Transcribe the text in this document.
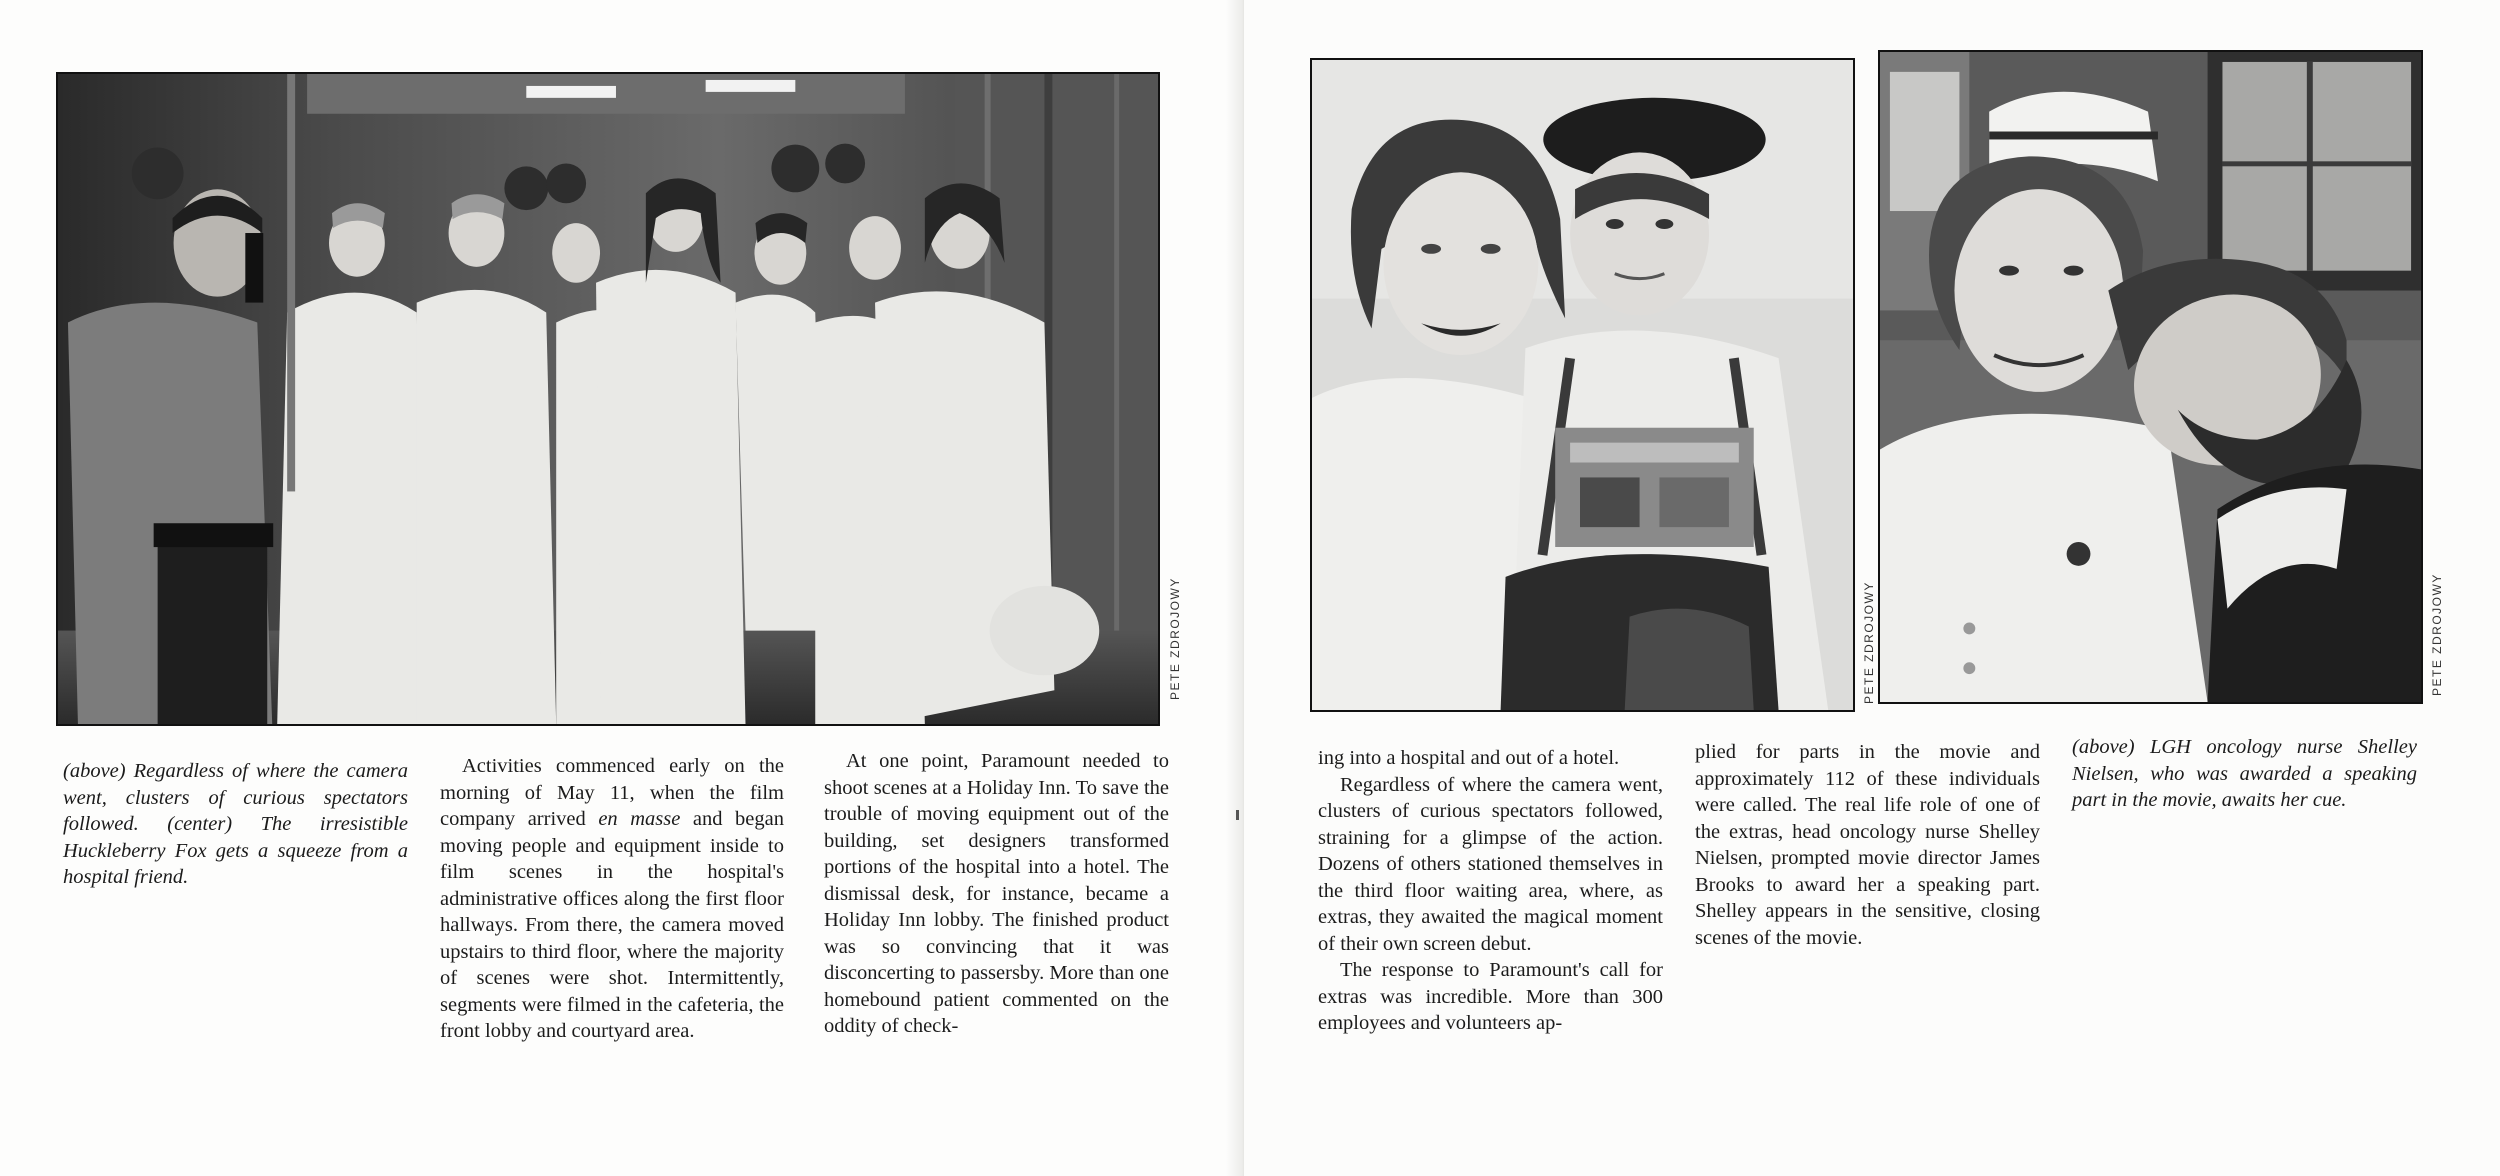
PETE ZDROJOWY
(above) Regardless of where the camera went, clusters of curious spectators followed. (center) The irresistible Huckleberry Fox gets a squeeze from a hospital friend.

Activities commenced early on the morning of May 11, when the film company arrived en masse and began moving people and equipment inside to film scenes in the hospital's administrative offices along the first floor hallways. From there, the camera moved upstairs to third floor, where the majority of scenes were shot. Intermittently, segments were filmed in the cafeteria, the front lobby and courtyard area.

At one point, Paramount needed to shoot scenes at a Holiday Inn. To save the trouble of moving equipment out of the building, set designers transformed portions of the hospital into a hotel. The dismissal desk, for instance, became a Holiday Inn lobby. The finished product was so convincing that it was disconcerting to passersby. More than one homebound patient commented on the oddity of check-

PETE ZDROJOWY	PETE ZDROJOWY

ing into a hospital and out of a hotel.

Regardless of where the camera went, clusters of curious spectators followed, straining for a glimpse of the action. Dozens of others stationed themselves in the third floor waiting area, where, as extras, they awaited the magical moment of their own screen debut.

The response to Paramount's call for extras was incredible. More than 300 employees and volunteers ap-

plied for parts in the movie and approximately 112 of these individuals were called. The real life role of one of the extras, head oncology nurse Shelley Nielsen, prompted movie director James Brooks to award her a speaking part. Shelley appears in the sensitive, closing scenes of the movie.

(above) LGH oncology nurse Shelley Nielsen, who was awarded a speaking part in the movie, awaits her cue.
